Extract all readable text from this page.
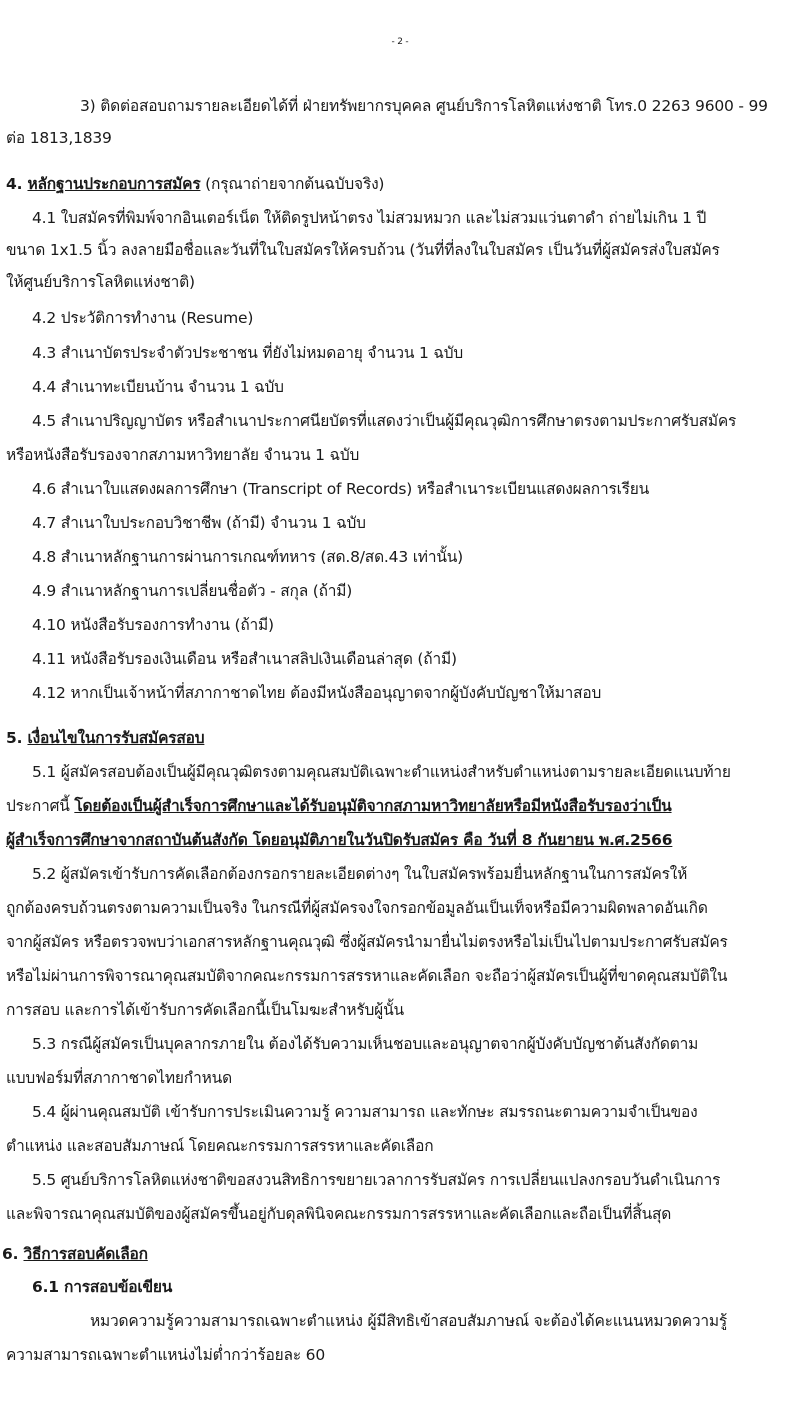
- 2 -
3) ติดต่อสอบถามรายละเอียดได้ที่ ฝ่ายทรัพยากรบุคคล ศูนย์บริการโลหิตแห่งชาติ โทร.0 2263 9600 - 99
ต่อ 1813,1839
4. หลักฐานประกอบการสมัคร (กรุณาถ่ายจากต้นฉบับจริง)
4.1 ใบสมัครที่พิมพ์จากอินเตอร์เน็ต ให้ติดรูปหน้าตรง ไม่สวมหมวก และไม่สวมแว่นตาดำ ถ่ายไม่เกิน 1 ปี
ขนาด 1x1.5 นิ้ว ลงลายมือชื่อและวันที่ในใบสมัครให้ครบถ้วน (วันที่ที่ลงในใบสมัคร เป็นวันที่ผู้สมัครส่งใบสมัคร
ให้ศูนย์บริการโลหิตแห่งชาติ)
4.2 ประวัติการทำงาน (Resume)
4.3 สำเนาบัตรประจำตัวประชาชน ที่ยังไม่หมดอายุ จำนวน 1 ฉบับ
4.4 สำเนาทะเบียนบ้าน จำนวน 1 ฉบับ
4.5 สำเนาปริญญาบัตร หรือสำเนาประกาศนียบัตรที่แสดงว่าเป็นผู้มีคุณวุฒิการศึกษาตรงตามประกาศรับสมัคร
หรือหนังสือรับรองจากสภามหาวิทยาลัย จำนวน 1 ฉบับ
4.6 สำเนาใบแสดงผลการศึกษา (Transcript of Records) หรือสำเนาระเบียนแสดงผลการเรียน
4.7 สำเนาใบประกอบวิชาชีพ (ถ้ามี) จำนวน 1 ฉบับ
4.8 สำเนาหลักฐานการผ่านการเกณฑ์ทหาร (สด.8/สด.43 เท่านั้น)
4.9 สำเนาหลักฐานการเปลี่ยนชื่อตัว - สกุล (ถ้ามี)
4.10 หนังสือรับรองการทำงาน (ถ้ามี)
4.11 หนังสือรับรองเงินเดือน หรือสำเนาสลิปเงินเดือนล่าสุด (ถ้ามี)
4.12 หากเป็นเจ้าหน้าที่สภากาชาดไทย ต้องมีหนังสืออนุญาตจากผู้บังคับบัญชาให้มาสอบ
5. เงื่อนไขในการรับสมัครสอบ
5.1 ผู้สมัครสอบต้องเป็นผู้มีคุณวุฒิตรงตามคุณสมบัติเฉพาะตำแหน่งสำหรับตำแหน่งตามรายละเอียดแนบท้าย
ประกาศนี้ โดยต้องเป็นผู้สำเร็จการศึกษาและได้รับอนุมัติจากสภามหาวิทยาลัยหรือมีหนังสือรับรองว่าเป็น
ผู้สำเร็จการศึกษาจากสถาบันต้นสังกัด โดยอนุมัติภายในวันปิดรับสมัคร คือ วันที่ 8 กันยายน พ.ศ.2566
5.2 ผู้สมัครเข้ารับการคัดเลือกต้องกรอกรายละเอียดต่างๆ ในใบสมัครพร้อมยื่นหลักฐานในการสมัครให้
ถูกต้องครบถ้วนตรงตามความเป็นจริง ในกรณีที่ผู้สมัครจงใจกรอกข้อมูลอันเป็นเท็จหรือมีความผิดพลาดอันเกิด
จากผู้สมัคร หรือตรวจพบว่าเอกสารหลักฐานคุณวุฒิ ซึ่งผู้สมัครนำมายื่นไม่ตรงหรือไม่เป็นไปตามประกาศรับสมัคร
หรือไม่ผ่านการพิจารณาคุณสมบัติจากคณะกรรมการสรรหาและคัดเลือก จะถือว่าผู้สมัครเป็นผู้ที่ขาดคุณสมบัติใน
การสอบ และการได้เข้ารับการคัดเลือกนี้เป็นโมฆะสำหรับผู้นั้น
5.3 กรณีผู้สมัครเป็นบุคลากรภายใน ต้องได้รับความเห็นชอบและอนุญาตจากผู้บังคับบัญชาต้นสังกัดตาม
แบบฟอร์มที่สภากาชาดไทยกำหนด
5.4 ผู้ผ่านคุณสมบัติ เข้ารับการประเมินความรู้ ความสามารถ และทักษะ สมรรถนะตามความจำเป็นของ
ตำแหน่ง และสอบสัมภาษณ์ โดยคณะกรรมการสรรหาและคัดเลือก
5.5 ศูนย์บริการโลหิตแห่งชาติขอสงวนสิทธิการขยายเวลาการรับสมัคร การเปลี่ยนแปลงกรอบวันดำเนินการ
และพิจารณาคุณสมบัติของผู้สมัครขึ้นอยู่กับดุลพินิจคณะกรรมการสรรหาและคัดเลือกและถือเป็นที่สิ้นสุด
6. วิธีการสอบคัดเลือก
6.1 การสอบข้อเขียน
หมวดความรู้ความสามารถเฉพาะตำแหน่ง ผู้มีสิทธิเข้าสอบสัมภาษณ์ จะต้องได้คะแนนหมวดความรู้
ความสามารถเฉพาะตำแหน่งไม่ต่ำกว่าร้อยละ 60
